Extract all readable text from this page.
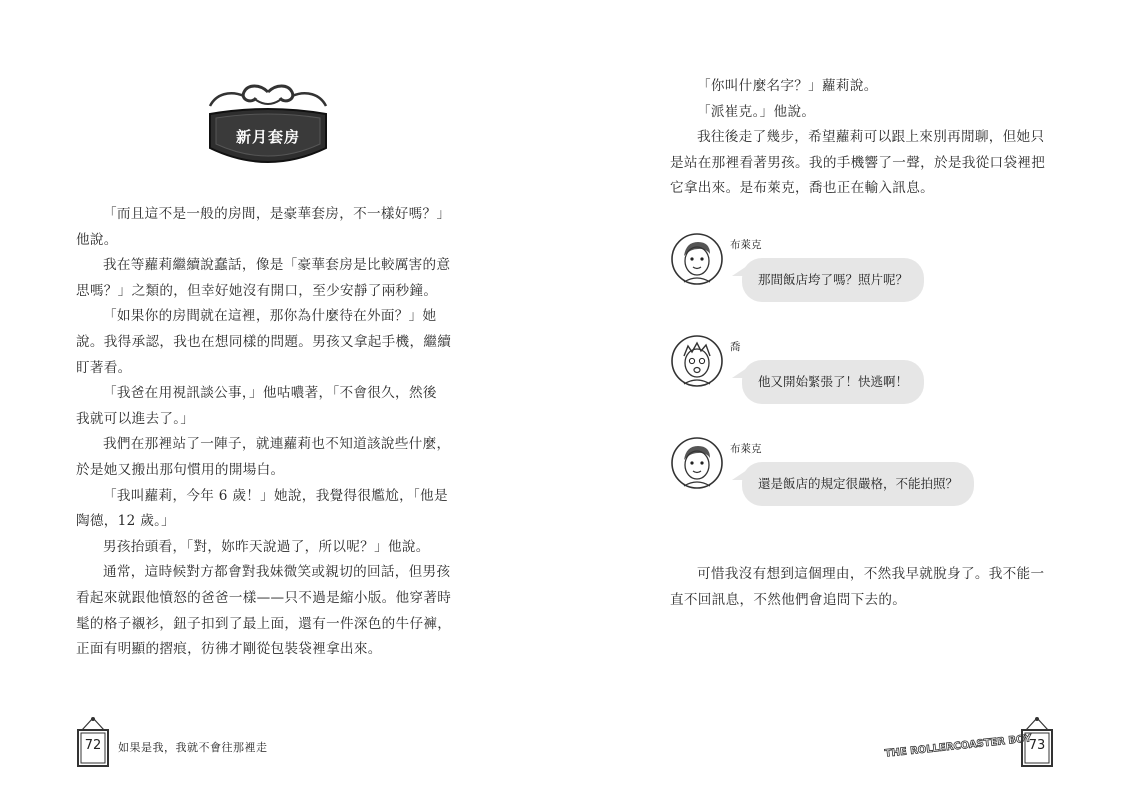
新月套房

「而且這不是一般的房間，是豪華套房，不一樣好嗎？」
他說。

我在等蘿莉繼續說蠢話，像是「豪華套房是比較厲害的意
思嗎？」之類的，但幸好她沒有開口，至少安靜了兩秒鐘。

「如果你的房間就在這裡，那你為什麼待在外面？」她
說。我得承認，我也在想同樣的問題。男孩又拿起手機，繼續
盯著看。

「我爸在用視訊談公事，」他咕噥著，「不會很久，然後
我就可以進去了。」

我們在那裡站了一陣子，就連蘿莉也不知道該說些什麼，
於是她又搬出那句慣用的開場白。

「我叫蘿莉，今年 6 歲！」她說，我覺得很尷尬，「他是
陶德，12 歲。」

男孩抬頭看，「對，妳昨天說過了，所以呢？」他說。

通常，這時候對方都會對我妹微笑或親切的回話，但男孩
看起來就跟他憤怒的爸爸一樣——只不過是縮小版。他穿著時
髦的格子襯衫，鈕子扣到了最上面，還有一件深色的牛仔褲，
正面有明顯的摺痕，彷彿才剛從包裝袋裡拿出來。

72	如果是我，我就不會往那裡走

「你叫什麼名字？」蘿莉說。

「派崔克。」他說。

我往後走了幾步，希望蘿莉可以跟上來別再閒聊，但她只
是站在那裡看著男孩。我的手機響了一聲，於是我從口袋裡把
它拿出來。是布萊克，喬也正在輸入訊息。

布萊克
那間飯店垮了嗎？照片呢？
喬
他又開始緊張了！快逃啊！
布萊克
還是飯店的規定很嚴格，不能拍照？

可惜我沒有想到這個理由，不然我早就脫身了。我不能一
直不回訊息，不然他們會追問下去的。

THE ROLLERCOASTER BOY
73
